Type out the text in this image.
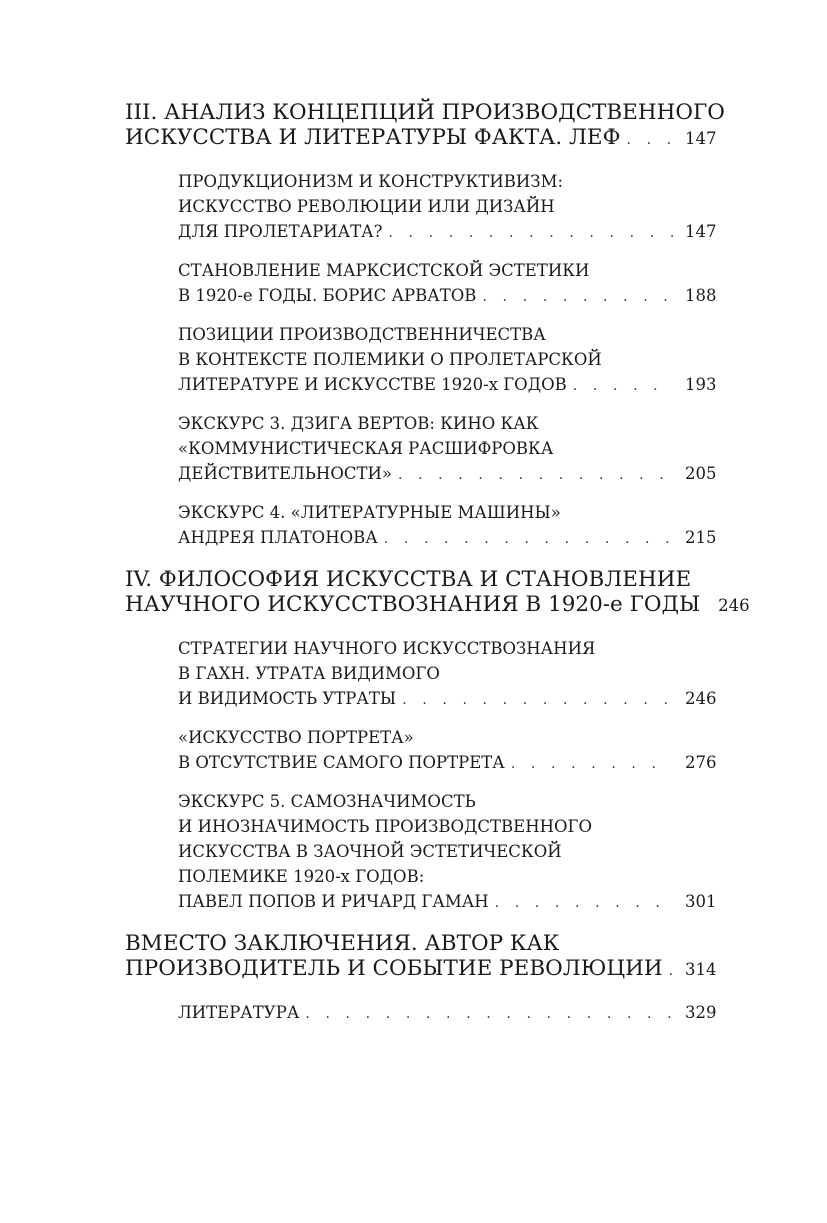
III. АНАЛИЗ КОНЦЕПЦИЙ ПРОИЗВОДСТВЕННОГО
ИСКУССТВА И ЛИТЕРАТУРЫ ФАКТА. ЛЕФ . . .	147
ПРОДУКЦИОНИЗМ И КОНСТРУКТИВИЗМ:
ИСКУССТВО РЕВОЛЮЦИИ ИЛИ ДИЗАЙН
ДЛЯ ПРОЛЕТАРИАТА? . . .	147
СТАНОВЛЕНИЕ МАРКСИСТСКОЙ ЭСТЕТИКИ
В 1920-е ГОДЫ. БОРИС АРВАТОВ . . .	188
ПОЗИЦИИ ПРОИЗВОДСТВЕННИЧЕСТВА
В КОНТЕКСТЕ ПОЛЕМИКИ О ПРОЛЕТАРСКОЙ
ЛИТЕРАТУРЕ И ИСКУССТВЕ 1920-х ГОДОВ . . .	193
ЭКСКУРС 3. ДЗИГА ВЕРТОВ: КИНО КАК
«КОММУНИСТИЧЕСКАЯ РАСШИФРОВКА
ДЕЙСТВИТЕЛЬНОСТИ» . . .	205
ЭКСКУРС 4. «ЛИТЕРАТУРНЫЕ МАШИНЫ»
АНДРЕЯ ПЛАТОНОВА . . .	215
IV. ФИЛОСОФИЯ ИСКУССТВА И СТАНОВЛЕНИЕ
НАУЧНОГО ИСКУССТВОЗНАНИЯ В 1920-е ГОДЫ 246
СТРАТЕГИИ НАУЧНОГО ИСКУССТВОЗНАНИЯ
В ГАХН. УТРАТА ВИДИМОГО
И ВИДИМОСТЬ УТРАТЫ . . .	246
«ИСКУССТВО ПОРТРЕТА»
В ОТСУТСТВИЕ САМОГО ПОРТРЕТА . . .	276
ЭКСКУРС 5. САМОЗНАЧИМОСТЬ
И ИНОЗНАЧИМОСТЬ ПРОИЗВОДСТВЕННОГО
ИСКУССТВА В ЗАОЧНОЙ ЭСТЕТИЧЕСКОЙ
ПОЛЕМИКЕ 1920-х ГОДОВ:
ПАВЕЛ ПОПОВ И РИЧАРД ГАМАН . . .	301
ВМЕСТО ЗАКЛЮЧЕНИЯ. АВТОР КАК
ПРОИЗВОДИТЕЛЬ И СОБЫТИЕ РЕВОЛЮЦИИ . . . 314
ЛИТЕРАТУРА . . .	329
